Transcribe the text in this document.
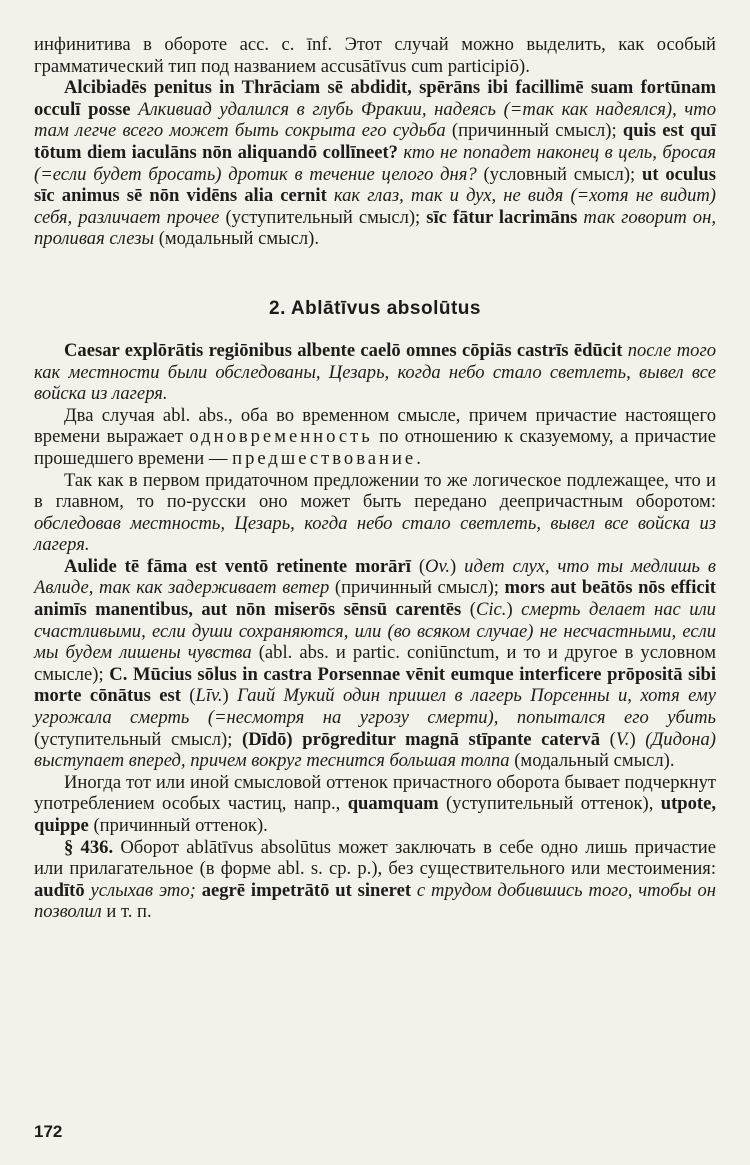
инфинитива в обороте acc. c. īnf. Этот случай можно выделить, как особый грамматический тип под названием accusātīvus cum participiō).

Alcibiadēs penitus in Thrāciam sē abdidit, spērāns ibi facillimē suam fortūnam occulī posse Алкивиад удалился в глубь Фракии, надеясь (=так как надеялся), что там легче всего может быть сокрыта его судьба (причинный смысл); quis est quī tōtum diem iaculāns nōn aliquandō collīneet? кто не попадет наконец в цель, бросая (=если будет бросать) дротик в течение целого дня? (условный смысл); ut oculus sīc animus sē nōn vidēns alia cernit как глаз, так и дух, не видя (=хотя не видит) себя, различает прочее (уступительный смысл); sīc fātur lacrimāns так говорит он, проливая слезы (модальный смысл).

2. Ablātīvus absolūtus

Caesar explōrātis regiōnibus albente caelō omnes cōpiās castrīs ēdūcit после того как местности были обследованы, Цезарь, когда небо стало светлеть, вывел все войска из лагеря.

Два случая abl. abs., оба во временном смысле, причем причастие настоящего времени выражает одновременность по отношению к сказуемому, а причастие прошедшего времени — предшествование.

Так как в первом придаточном предложении то же логическое подлежащее, что и в главном, то по-русски оно может быть передано деепричастным оборотом: обследовав местность, Цезарь, когда небо стало светлеть, вывел все войска из лагеря.

Aulide tē fāma est ventō retinente morārī (Ov.) идет слух, что ты медлишь в Авлиде, так как задерживает ветер (причинный смысл); mors aut beātōs nōs efficit animīs manentibus, aut nōn miserōs sēnsū carentēs (Cic.) смерть делает нас или счастливыми, если души сохраняются, или (во всяком случае) не несчастными, если мы будем лишены чувства (abl. abs. и partic. coniūnctum, и то и другое в условном смысле); C. Mūcius sōlus in castra Porsennae vēnit eumque interficere prōpositā sibi morte cōnātus est (Līv.) Гаий Мукий один пришел в лагерь Порсенны и, хотя ему угрожала смерть (=несмотря на угрозу смерти), попытался его убить (уступительный смысл); (Dīdō) prōgreditur magnā stīpante catervā (V.) (Дидона) выступает вперед, причем вокруг теснится большая толпа (модальный смысл).

Иногда тот или иной смысловой оттенок причастного оборота бывает подчеркнут употреблением особых частиц, напр., quamquam (уступительный оттенок), utpote, quippe (причинный оттенок).

§ 436. Оборот ablātīvus absolūtus может заключать в себе одно лишь причастие или прилагательное (в форме abl. s. cp. p.), без существительного или местоимения: audītō услыхав это; aegrē impetrātō ut sineret с трудом добившись того, чтобы он позволил и т. п.

172
